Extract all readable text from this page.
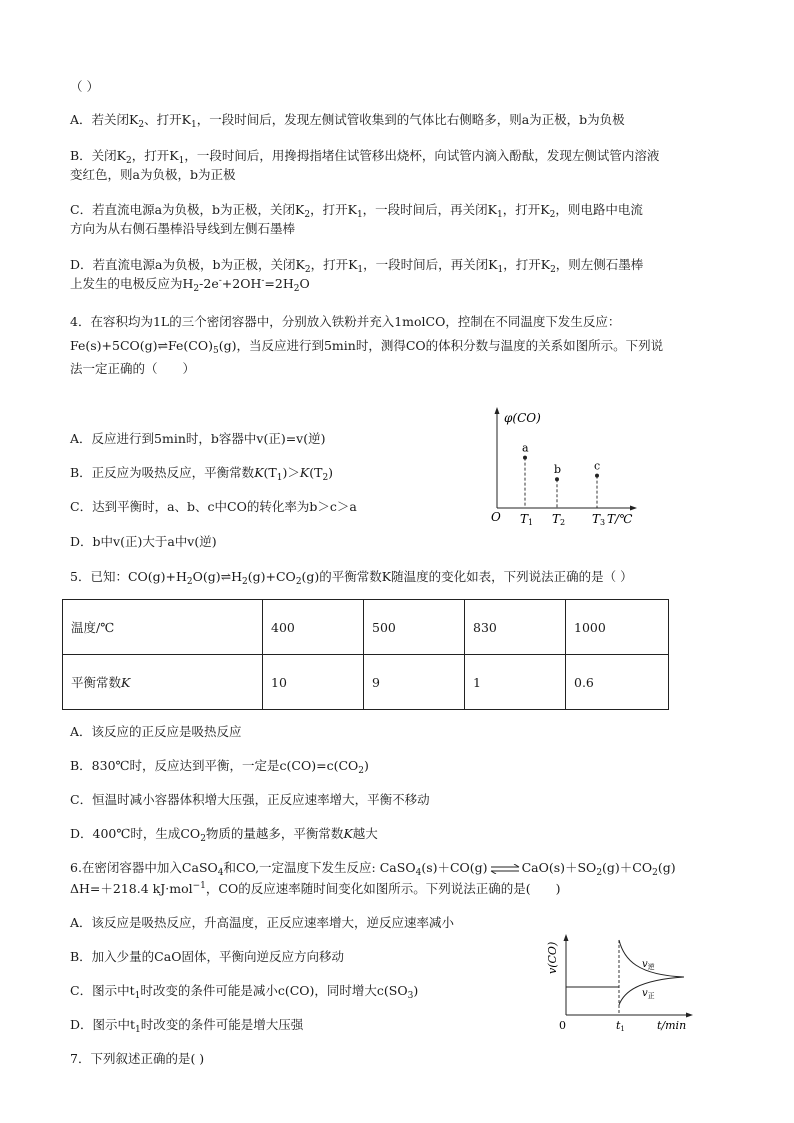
（ ）
A．若关闭$K_2$、打开$K_1$，一段时间后，发现左侧试管收集到的气体比右侧略多，则a为正极，b为负极
B．关闭$K_2$，打开$K_1$，一段时间后，用搀拇指堵住试管移出烧杯，向试管内滴入酚酞，发现左侧试管内溶液
变红色，则a为负极，b为正极
C．若直流电源a为负极，b为正极，关闭$K_2$，打开$K_1$，一段时间后，再关闭$K_1$，打开$K_2$，则电路中电流
方向为从右侧石墨棒沿导线到左侧石墨棒
D．若直流电源a为负极，b为正极，关闭$K_2$，打开$K_1$，一段时间后，再关闭$K_1$，打开$K_2$，则左侧石墨棒
上发生的电极反应为$H_2-2e^-+2OH^-=2H_2O$
4．在容积均为1L的三个密闭容器中，分别放入铁粉并充入1molCO，控制在不同温度下发生反应：
$Fe(s)+5CO(g)\rightleftharpoons Fe(CO)_5(g)$，当反应进行到5min时，测得CO的体积分数与温度的关系如图所示。下列说
法一定正确的（　　）
A．反应进行到5min时，b容器中v(正)=v(逆)
B．正反应为吸热反应，平衡常数$K(T_1)>K(T_2)$
C．达到平衡时，a、b、c中CO的转化率为b＞c＞a
D．b中v(正)大于a中v(逆)
φ(CO)
O	T/℃
a
T1
b
T2
c
T3
5．已知：$CO(g)+H_2O(g)\rightleftharpoons H_2(g)+CO_2(g)$的平衡常数K随温度的变化如表，下列说法正确的是（ ）
温度/℃	400	500	830	1000
平衡常数K	10	9	1	0.6
A．该反应的正反应是吸热反应
B．830℃时，反应达到平衡，一定是$c(CO)=c(CO_2)$
C．恒温时减小容器体积增大压强，正反应速率增大，平衡不移动
D．400℃时，生成$CO_2$物质的量越多，平衡常数K越大
6.在密闭容器中加入CaSO$_4$和CO,一定温度下发生反应: CaSO$_4$(s)＋CO(g) ⇌ $CaO(s)+SO_2(g)+CO_2(g)$
ΔH=＋218.4 kJ·mol$^{-1}$，CO的反应速率随时间变化如图所示。下列说法正确的是(　　)
A．该反应是吸热反应，升高温度，正反应速率增大，逆反应速率减小
B．加入少量的CaO固体，平衡向逆反应方向移动
C．图示中$t_1$时改变的条件可能是减小c(CO)，同时增大$c(SO_3)$
D．图示中$t_1$时改变的条件可能是增大压强
v(CO)
0	t/min
$v_逆$
$v_正$
t1
7．下列叙述正确的是( )
